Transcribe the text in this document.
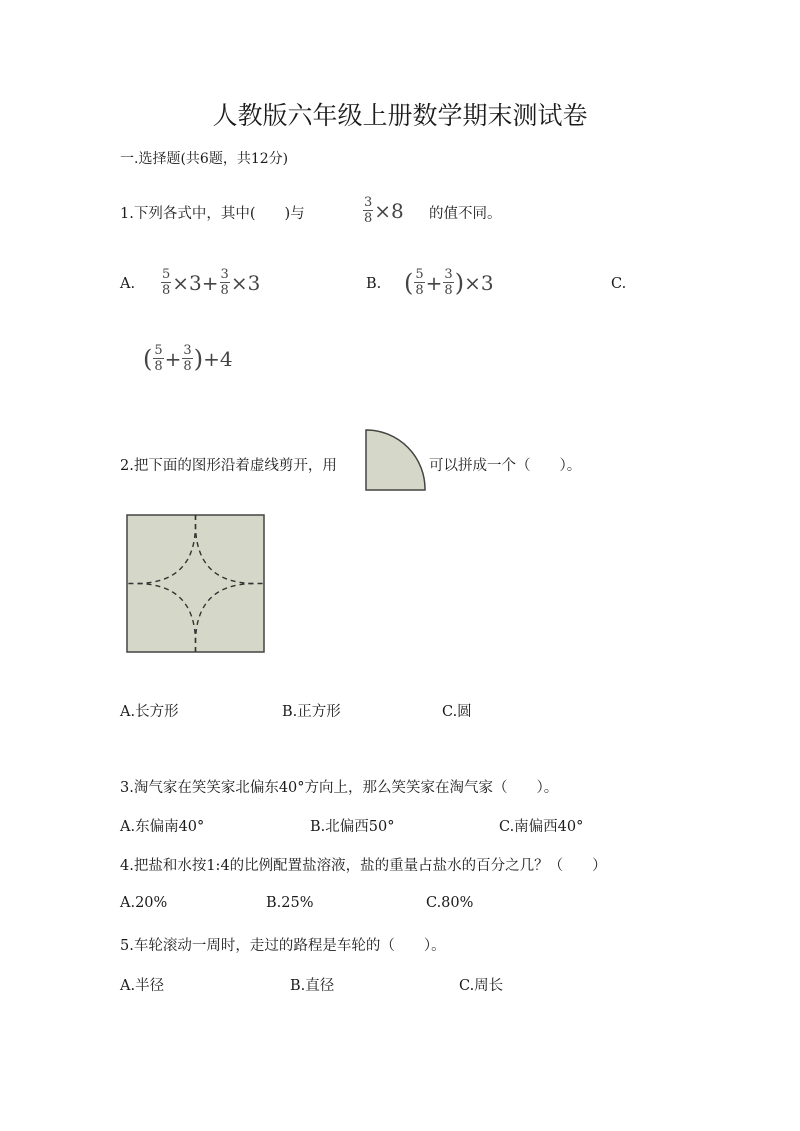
人教版六年级上册数学期末测试卷
一.选择题(共6题，共12分)
1.下列各式中，其中(　　)与	$\frac{3}{8} \times 8$ 的值不同。
A. $\frac{5}{8} \times 3+ \frac{3}{8} \times 3$	B. ( $\frac{5}{8} + \frac{3}{8}$ ) ×3	C.
( $\frac{5}{8} + \frac{3}{8}$ ) +4
2.把下面的图形沿着虚线剪开，用	可以拼成一个（　　）。
A.长方形	B.正方形	C.圆
3.淘气家在笑笑家北偏东40°方向上，那么笑笑家在淘气家（　　）。
A.东偏南40°	B.北偏西50°	C.南偏西40°
4.把盐和水按1:4的比例配置盐溶液，盐的重量占盐水的百分之几？（　　）
A.20%	B.25%	C.80%
5.车轮滚动一周时，走过的路程是车轮的（　　）。
A.半径	B.直径	C.周长
